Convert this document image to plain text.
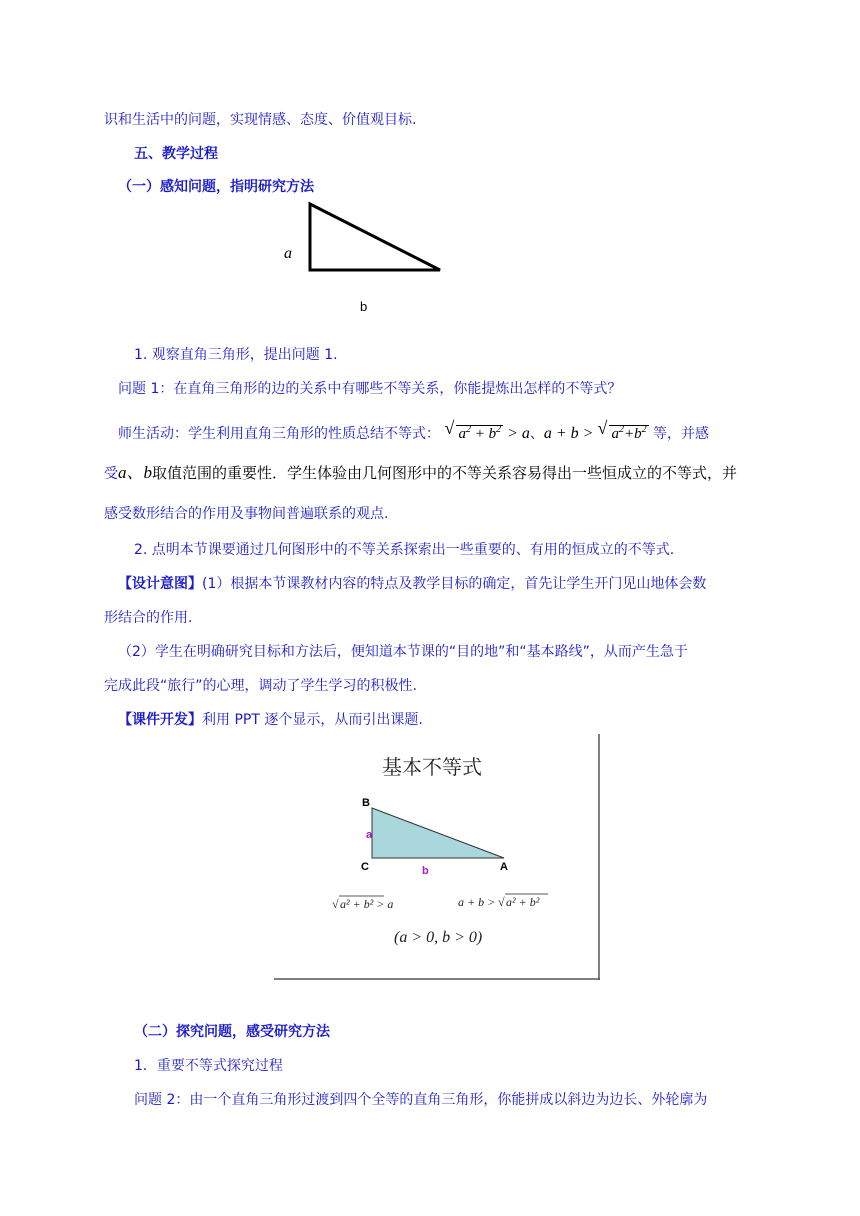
识和生活中的问题，实现情感、态度、价值观目标.
五、教学过程
（一）感知问题，指明研究方法
a
b
1. 观察直角三角形，提出问题 1.
问题 1：在直角三角形的边的关系中有哪些不等关系，你能提炼出怎样的不等式？
师生活动：学生利用直角三角形的性质总结不等式： √ $a^2 + b^2 > a$、a + b > √ $a^2+b^2$ 等，并感
受a、b取值范围的重要性．学生体验由几何图形中的不等关系容易得出一些恒成立的不等式，并
感受数形结合的作用及事物间普遍联系的观点.
2. 点明本节课要通过几何图形中的不等关系探索出一些重要的、有用的恒成立的不等式.
【设计意图】(1）根据本节课教材内容的特点及教学目标的确定，首先让学生开门见山地体会数
形结合的作用.
（2）学生在明确研究目标和方法后，便知道本节课的“目的地”和“基本路线”，从而产生急于
完成此段“旅行”的心理，调动了学生学习的积极性.
【课件开发】利用 PPT 逐个显示，从而引出课题.
基本不等式
B
C	A
a
b
√ a² + b² > a	a + b > √ a² + b²
(a > 0, b > 0)
（二）探究问题，感受研究方法
1．重要不等式探究过程
问题 2：由一个直角三角形过渡到四个全等的直角三角形，你能拼成以斜边为边长、外轮廓为
